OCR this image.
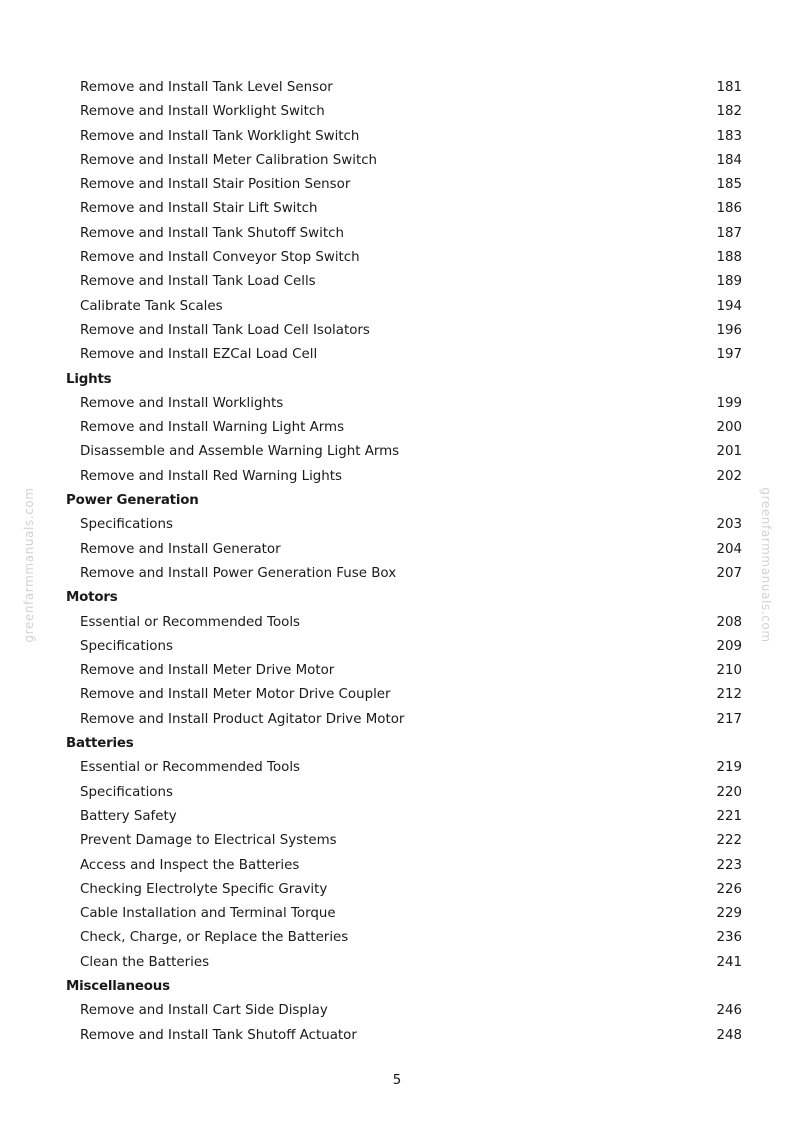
greenfarmmanuals.com	greenfarmmanuals.com
Remove and Install Tank Level Sensor	181
Remove and Install Worklight Switch	182
Remove and Install Tank Worklight Switch	183
Remove and Install Meter Calibration Switch	184
Remove and Install Stair Position Sensor	185
Remove and Install Stair Lift Switch	186
Remove and Install Tank Shutoff Switch	187
Remove and Install Conveyor Stop Switch	188
Remove and Install Tank Load Cells	189
Calibrate Tank Scales	194
Remove and Install Tank Load Cell Isolators	196
Remove and Install EZCal Load Cell	197
Lights
Remove and Install Worklights	199
Remove and Install Warning Light Arms	200
Disassemble and Assemble Warning Light Arms	201
Remove and Install Red Warning Lights	202
Power Generation
Specifications	203
Remove and Install Generator	204
Remove and Install Power Generation Fuse Box	207
Motors
Essential or Recommended Tools	208
Specifications	209
Remove and Install Meter Drive Motor	210
Remove and Install Meter Motor Drive Coupler	212
Remove and Install Product Agitator Drive Motor	217
Batteries
Essential or Recommended Tools	219
Specifications	220
Battery Safety	221
Prevent Damage to Electrical Systems	222
Access and Inspect the Batteries	223
Checking Electrolyte Specific Gravity	226
Cable Installation and Terminal Torque	229
Check, Charge, or Replace the Batteries	236
Clean the Batteries	241
Miscellaneous
Remove and Install Cart Side Display	246
Remove and Install Tank Shutoff Actuator	248
5
